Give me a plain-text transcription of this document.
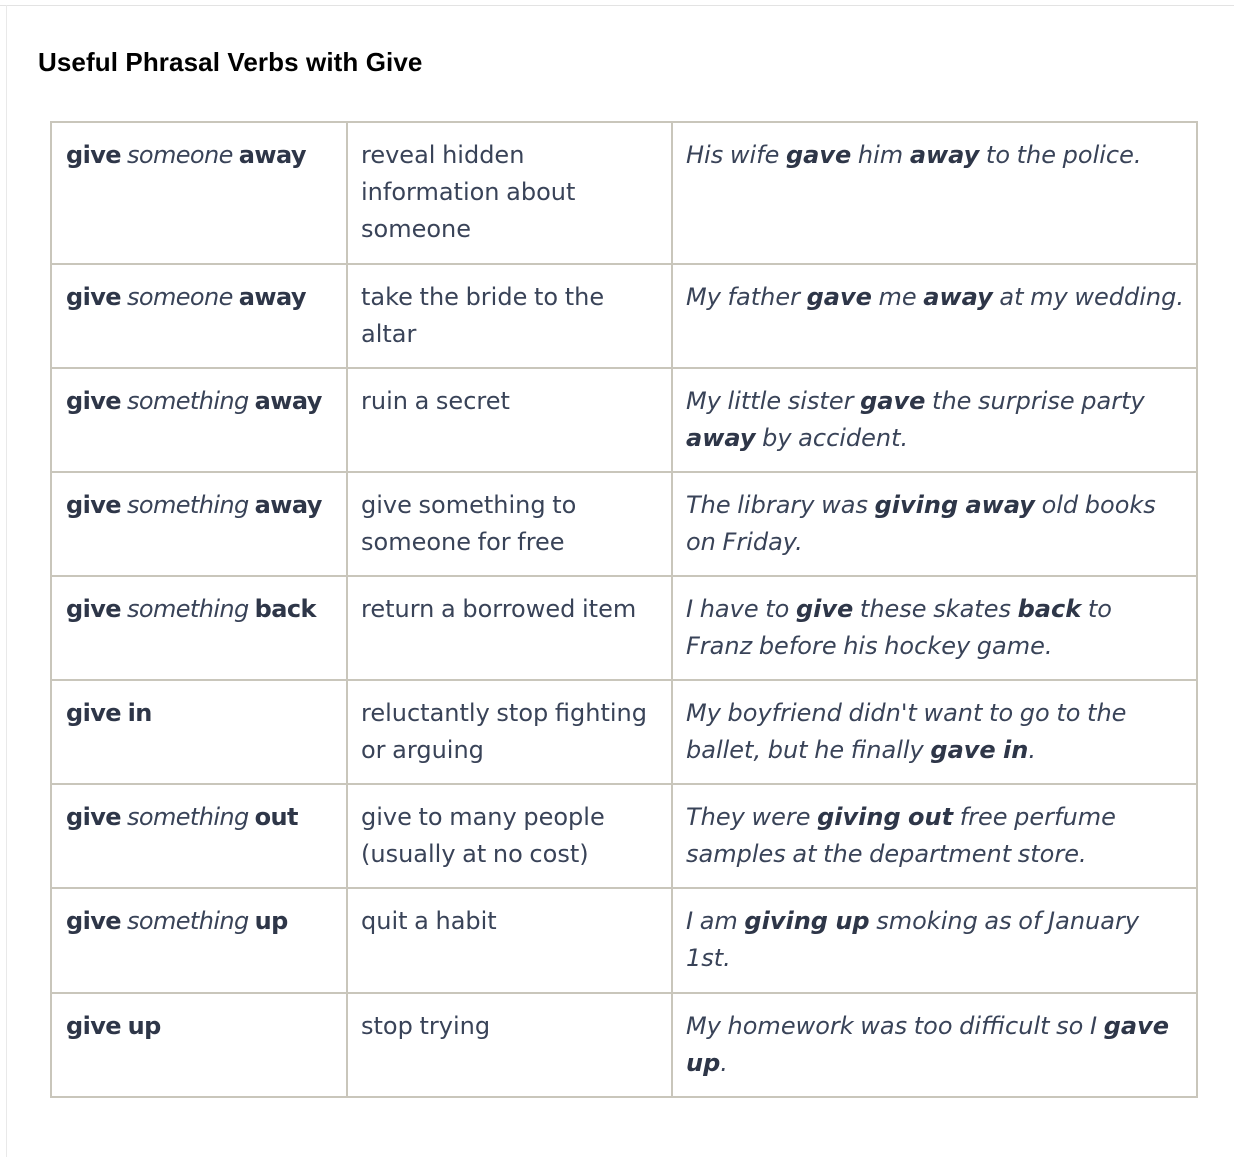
Useful Phrasal Verbs with Give
give someone away	reveal hidden information about someone	His wife gave him away to the police.
give someone away	take the bride to the altar	My father gave me away at my wedding.
give something away	ruin a secret	My little sister gave the surprise party away by accident.
give something away	give something to someone for free	The library was giving away old books on Friday.
give something back	return a borrowed item	I have to give these skates back to Franz before his hockey game.
give in	reluctantly stop fighting or arguing	My boyfriend didn't want to go to the ballet, but he finally gave in.
give something out	give to many people (usually at no cost)	They were giving out free perfume samples at the department store.
give something up	quit a habit	I am giving up smoking as of January 1st.
give up	stop trying	My homework was too difficult so I gave up.
